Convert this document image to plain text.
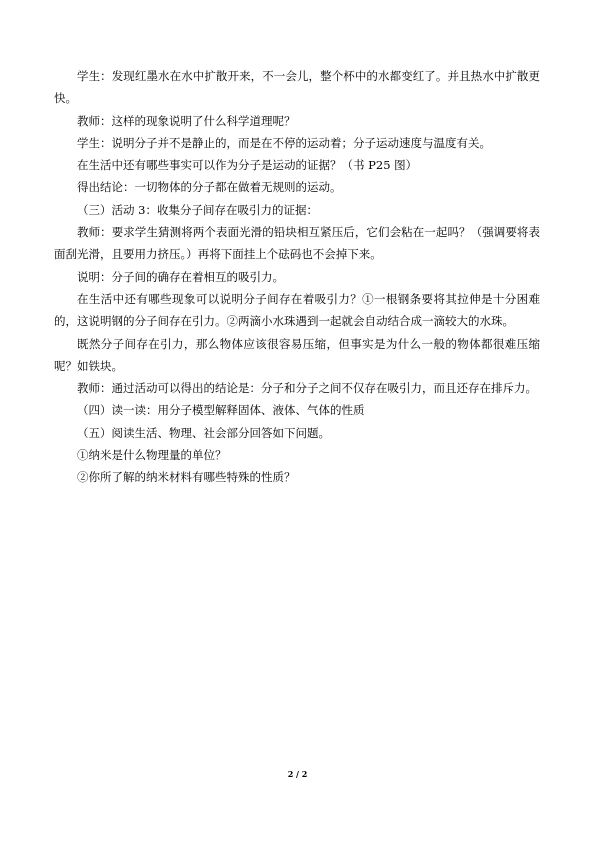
学生：发现红墨水在水中扩散开来，不一会儿，整个杯中的水都变红了。并且热水中扩散更快。

教师：这样的现象说明了什么科学道理呢？

学生：说明分子并不是静止的，而是在不停的运动着；分子运动速度与温度有关。

在生活中还有哪些事实可以作为分子是运动的证据？（书 P25 图）

得出结论：一切物体的分子都在做着无规则的运动。

（三）活动 3：收集分子间存在吸引力的证据：

教师：要求学生猜测将两个表面光滑的铅块相互紧压后，它们会粘在一起吗？（强调要将表面刮光滑，且要用力挤压。）再将下面挂上个砝码也不会掉下来。

说明：分子间的确存在着相互的吸引力。

在生活中还有哪些现象可以说明分子间存在着吸引力？①一根钢条要将其拉伸是十分困难的，这说明钢的分子间存在引力。②两滴小水珠遇到一起就会自动结合成一滴较大的水珠。

既然分子间存在引力，那么物体应该很容易压缩，但事实是为什么一般的物体都很难压缩呢？如铁块。

教师：通过活动可以得出的结论是：分子和分子之间不仅存在吸引力，而且还存在排斥力。

（四）读一读：用分子模型解释固体、液体、气体的性质

（五）阅读生活、物理、社会部分回答如下问题。

①纳米是什么物理量的单位？

②你所了解的纳米材料有哪些特殊的性质？

2 / 2
